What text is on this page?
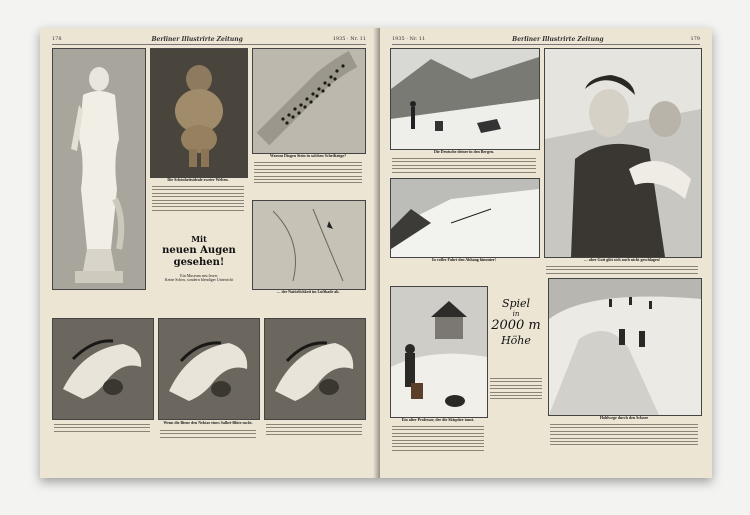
178	Berliner Illustrirte Zeitung	1935 · Nr. 11
Die Schönheitsideale zweier Welten.
Warum Diogen Stein in solchen Schriftzüge?
… der Natürlichkeit im Luftbade ab.
Mit
neuen Augen
gesehen!
Ein Museum neu lesen:
Keine Scheu, sondern blendiger Unterricht
Wenn die Biene den Nektar eines Salbei-Blüte sucht.
1935 · Nr. 11	Berliner Illustrirte Zeitung	179
Die Deutsche deiner in den Bergen.
In voller Fahrt den Abhang hinunter!	… aber Gott gibt sich auch nicht geschlagen!
Ein alter Professor, der die Skispitze tanzt.
Spiel
in
2000 m
Höhe
Hohlwege durch den Schnee
